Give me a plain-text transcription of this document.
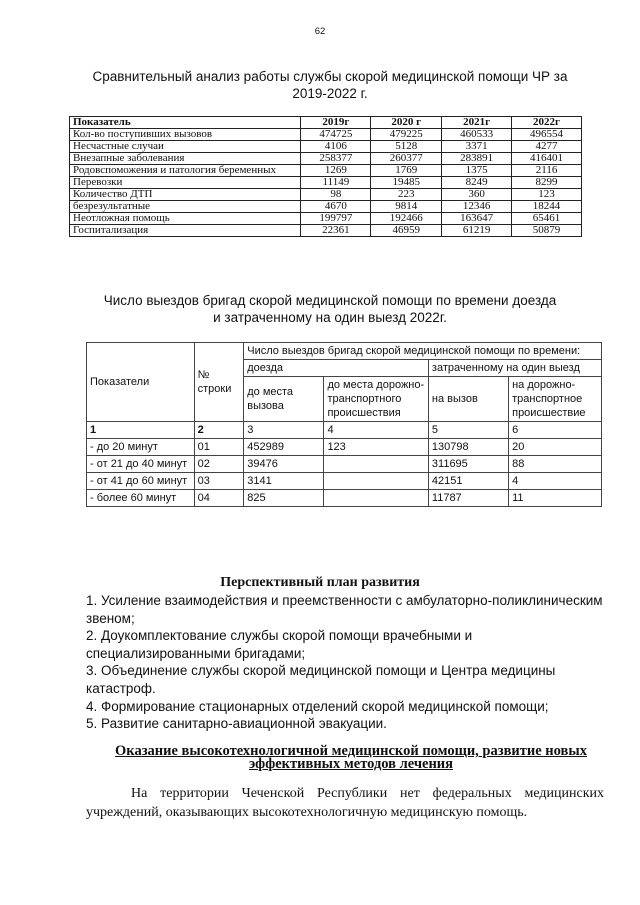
62
Сравнительный анализ работы службы скорой медицинской помощи ЧР за
2019-2022 г.
Показатель	2019г	2020 г	2021г	2022г
Кол-во поступивших вызовов	474725	479225	460533	496554
Несчастные случаи	4106	5128	3371	4277
Внезапные заболевания	258377	260377	283891	416401
Родовспоможения и патология беременных	1269	1769	1375	2116
Перевозки	11149	19485	8249	8299
Количество ДТП	98	223	360	123
безрезультатные	4670	9814	12346	18244
Неотложная помощь	199797	192466	163647	65461
Госпитализация	22361	46959	61219	50879
Число выездов бригад скорой медицинской помощи по времени доезда
и затраченному на один выезд 2022г.
Показатели	№ строки	Число выездов бригад скорой медицинской помощи по времени:			
		доезда		затраченному на один выезд	
		до места вызова	до места дорожно-транспортного происшествия	на вызов	на дорожно-транспортное происшествие
1	2	3	4	5	6
- до 20 минут	01	452989	123	130798	20
- от 21 до 40 минут	02	39476		311695	88
- от 41 до 60 минут	03	3141		42151	4
- более 60 минут	04	825		11787	11
Перспективный план развития
1. Усиление взаимодействия и преемственности с амбулаторно-поликлиническим звеном;
2. Доукомплектование службы скорой помощи врачебными и специализированными бригадами;
3. Объединение службы скорой медицинской помощи и Центра медицины катастроф.
4. Формирование стационарных отделений скорой медицинской помощи;
5. Развитие санитарно-авиационной эвакуации.
Оказание высокотехнологичной медицинской помощи, развитие новых
эффективных методов лечения

На территории Чеченской Республики нет федеральных медицинских учреждений, оказывающих высокотехнологичную медицинскую помощь.
